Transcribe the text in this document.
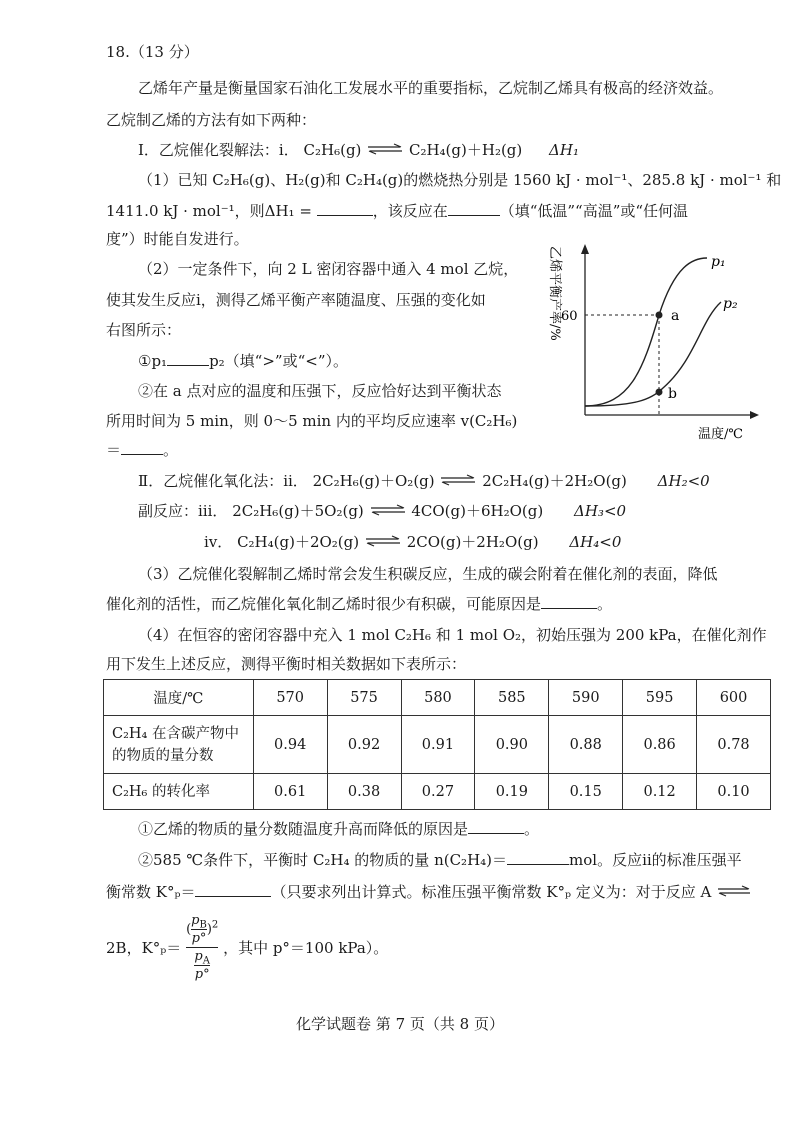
18.（13 分）
乙烯年产量是衡量国家石油化工发展水平的重要指标，乙烷制乙烯具有极高的经济效益。
乙烷制乙烯的方法有如下两种：
Ⅰ．乙烷催化裂解法：ⅰ． C₂H₆(g) ⇌ C₂H₄(g)＋H₂(g) ΔH₁
（1）已知 C₂H₆(g)、H₂(g)和 C₂H₄(g)的燃烧热分别是 1560 kJ · mol⁻¹、285.8 kJ · mol⁻¹ 和
1411.0 kJ · mol⁻¹，则ΔH₁ =	，该反应在	（填“低温”“高温”或“任何温
度”）时能自发进行。
（2）一定条件下，向 2 L 密闭容器中通入 4 mol 乙烷，
使其发生反应ⅰ，测得乙烯平衡产率随温度、压强的变化如
右图所示：
①p₁	p₂（填“>”或“<”）。
②在 a 点对应的温度和压强下，反应恰好达到平衡状态
所用时间为 5 min，则 0～5 min 内的平均反应速率 v(C₂H₆)
＝	。
乙烯平衡产率/%
温度/℃
60	a
b
p₁
p₂
Ⅱ．乙烷催化氧化法：ⅱ． 2C₂H₆(g)＋O₂(g) ⇌ 2C₂H₄(g)＋2H₂O(g) ΔH₂<0
副反应：ⅲ． 2C₂H₆(g)＋5O₂(g) ⇌ 4CO(g)＋6H₂O(g) ΔH₃<0
ⅳ． C₂H₄(g)＋2O₂(g) ⇌ 2CO(g)＋2H₂O(g) ΔH₄<0
（3）乙烷催化裂解制乙烯时常会发生积碳反应，生成的碳会附着在催化剂的表面，降低
催化剂的活性，而乙烷催化氧化制乙烯时很少有积碳，可能原因是	。
（4）在恒容的密闭容器中充入 1 mol C₂H₆ 和 1 mol O₂，初始压强为 200 kPa，在催化剂作
用下发生上述反应，测得平衡时相关数据如下表所示：
温度/℃	570	575	580	585	590	595	600
C₂H₄ 在含碳产物中
的物质的量分数	0.94	0.92	0.91	0.90	0.88	0.86	0.78
C₂H₆ 的转化率	0.61	0.38	0.27	0.19	0.15	0.12	0.10
①乙烯的物质的量分数随温度升高而降低的原因是	。
②585 ℃条件下，平衡时 C₂H₄ 的物质的量 n(C₂H₄)＝	mol。反应ⅱ的标准压强平
衡常数 K°ₚ＝	（只要求列出计算式。标准压强平衡常数 K°ₚ 定义为：对于反应 A ⇌
2B，$K^\circ_p= (p_B$
p°)$^2$
$p_A$
p° ，其中 p°＝100 kPa）。
化学试题卷 第 7 页（共 8 页）
